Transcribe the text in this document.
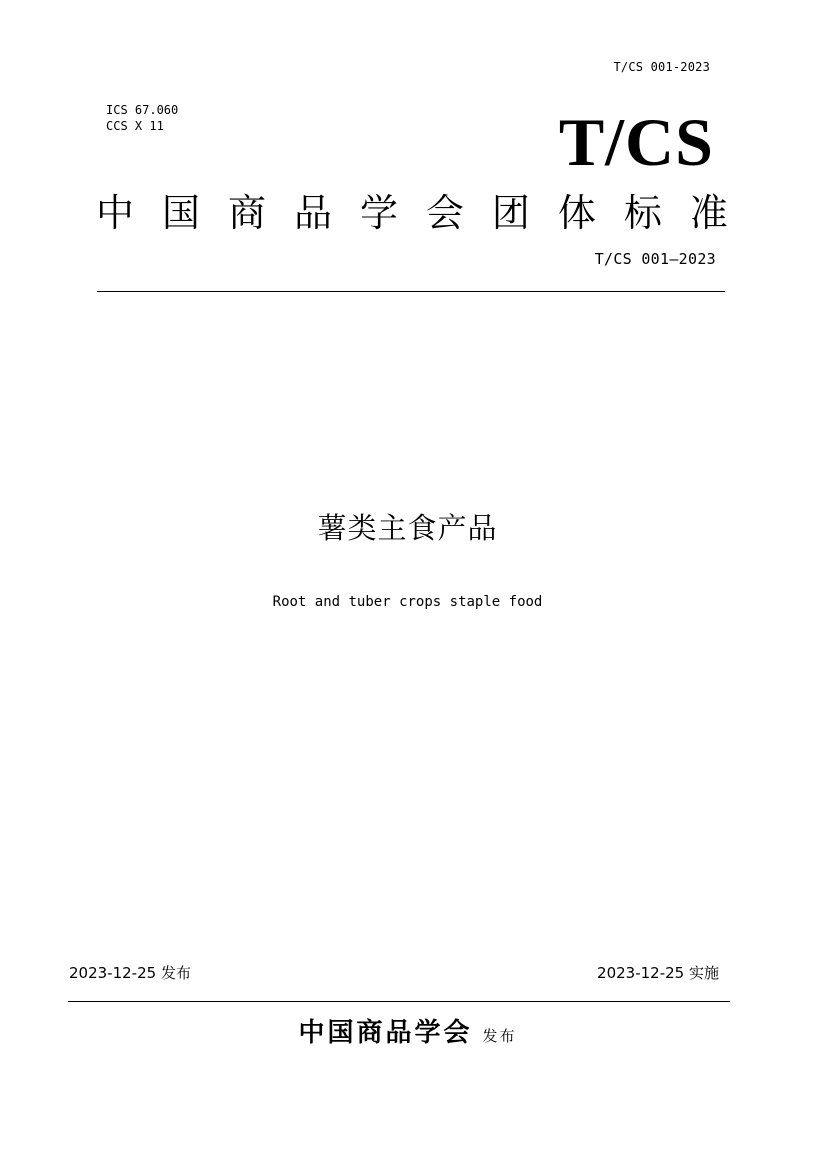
T/CS 001-2023
ICS 67.060
CCS X 11	T/CS
中 国 商 品 学 会 团 体 标 准
T/CS 001—2023
薯类主食产品
Root and tuber crops staple food
2023-12-25 发布	2023-12-25 实施
中国商品学会 发布
